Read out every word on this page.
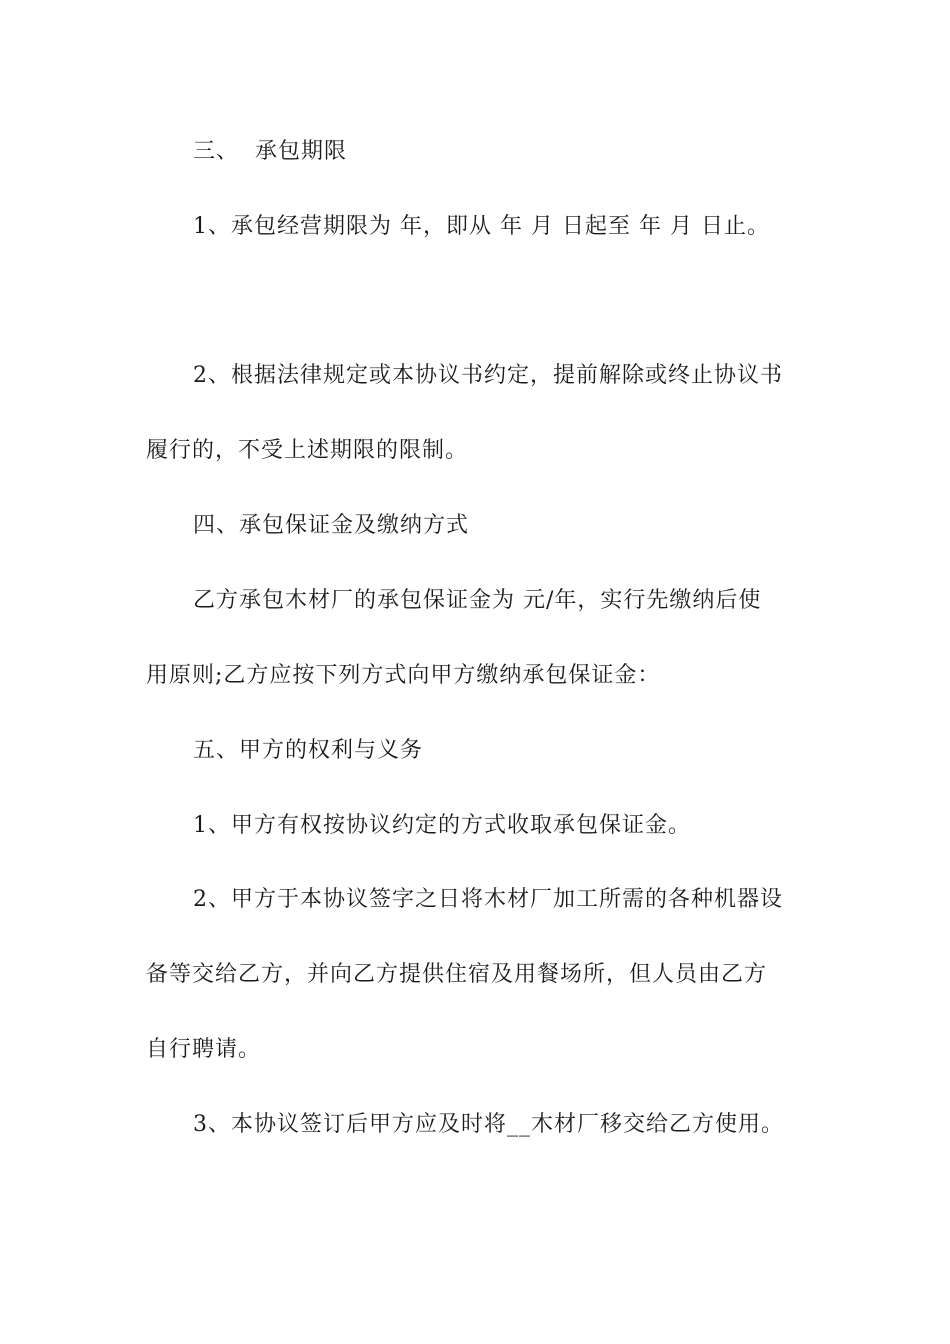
三、  承包期限
1、承包经营期限为 年，即从 年 月 日起至 年 月 日止。
2、根据法律规定或本协议书约定，提前解除或终止协议书
履行的，不受上述期限的限制。
四、承包保证金及缴纳方式
乙方承包木材厂的承包保证金为 元/年，实行先缴纳后使
用原则;乙方应按下列方式向甲方缴纳承包保证金：
五、甲方的权利与义务
1、甲方有权按协议约定的方式收取承包保证金。
2、甲方于本协议签字之日将木材厂加工所需的各种机器设
备等交给乙方，并向乙方提供住宿及用餐场所，但人员由乙方
自行聘请。
3、本协议签订后甲方应及时将__木材厂移交给乙方使用。
